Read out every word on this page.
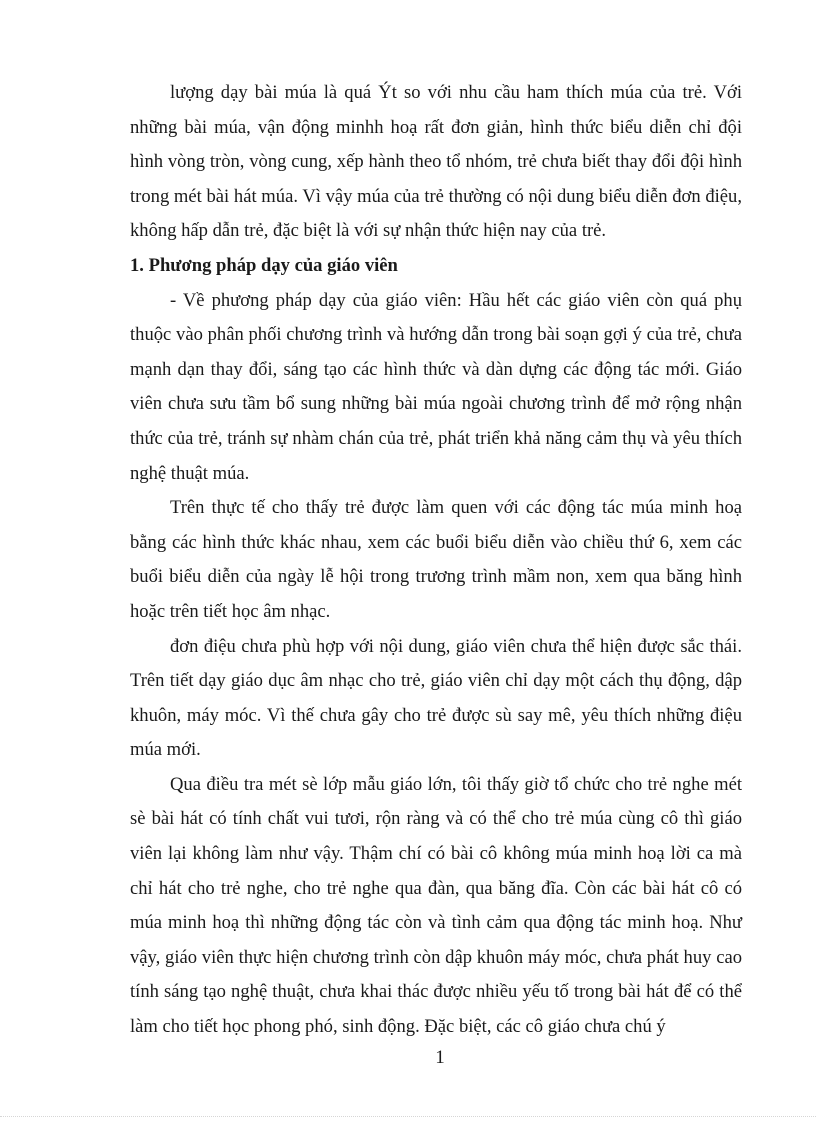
lượng dạy bài múa là quá Ýt so với nhu cầu ham thích múa của trẻ. Với những bài múa, vận động minhh hoạ rất đơn giản, hình thức biểu diễn chỉ đội hình vòng tròn, vòng cung, xếp hành theo tổ nhóm, trẻ chưa biết thay đổi đội hình trong mét bài hát múa. Vì vậy múa của trẻ thường có nội dung biểu diễn đơn điệu, không hấp dẫn trẻ, đặc biệt là với sự nhận thức hiện nay của trẻ.

1. Phương pháp dạy của giáo viên

- Về phương pháp dạy của giáo viên: Hầu hết các giáo viên còn quá phụ thuộc vào phân phối chương trình và hướng dẫn trong bài soạn gợi ý của trẻ, chưa mạnh dạn thay đổi, sáng tạo các hình thức và dàn dựng các động tác mới. Giáo viên chưa sưu tầm bổ sung những bài múa ngoài chương trình để mở rộng nhận thức của trẻ, tránh sự nhàm chán của trẻ, phát triển khả năng cảm thụ và yêu thích nghệ thuật múa.

Trên thực tế cho thấy trẻ được làm quen với các động tác múa minh hoạ bằng các hình thức khác nhau, xem các buổi biểu diễn vào chiều thứ 6, xem các buổi biểu diễn của ngày lễ hội trong trương trình mầm non, xem qua băng hình hoặc trên tiết học âm nhạc.

đơn điệu chưa phù hợp với nội dung, giáo viên chưa thể hiện được sắc thái. Trên tiết dạy giáo dục âm nhạc cho trẻ, giáo viên chỉ dạy một cách thụ động, dập khuôn, máy móc. Vì thế chưa gây cho trẻ được sù say mê, yêu thích những điệu múa mới.

Qua điều tra mét sè lớp mẫu giáo lớn, tôi thấy giờ tổ chức cho trẻ nghe mét sè bài hát có tính chất vui tươi, rộn ràng và có thể cho trẻ múa cùng cô thì giáo viên lại không làm như vậy. Thậm chí có bài cô không múa minh hoạ lời ca mà chỉ hát cho trẻ nghe, cho trẻ nghe qua đàn, qua băng đĩa. Còn các bài hát cô có múa minh hoạ thì những động tác còn và tình cảm qua động tác minh hoạ. Như vậy, giáo viên thực hiện chương trình còn dập khuôn máy móc, chưa phát huy cao tính sáng tạo nghệ thuật, chưa khai thác được nhiều yếu tố trong bài hát để có thể làm cho tiết học phong phó, sinh động. Đặc biệt, các cô giáo chưa chú ý

1
